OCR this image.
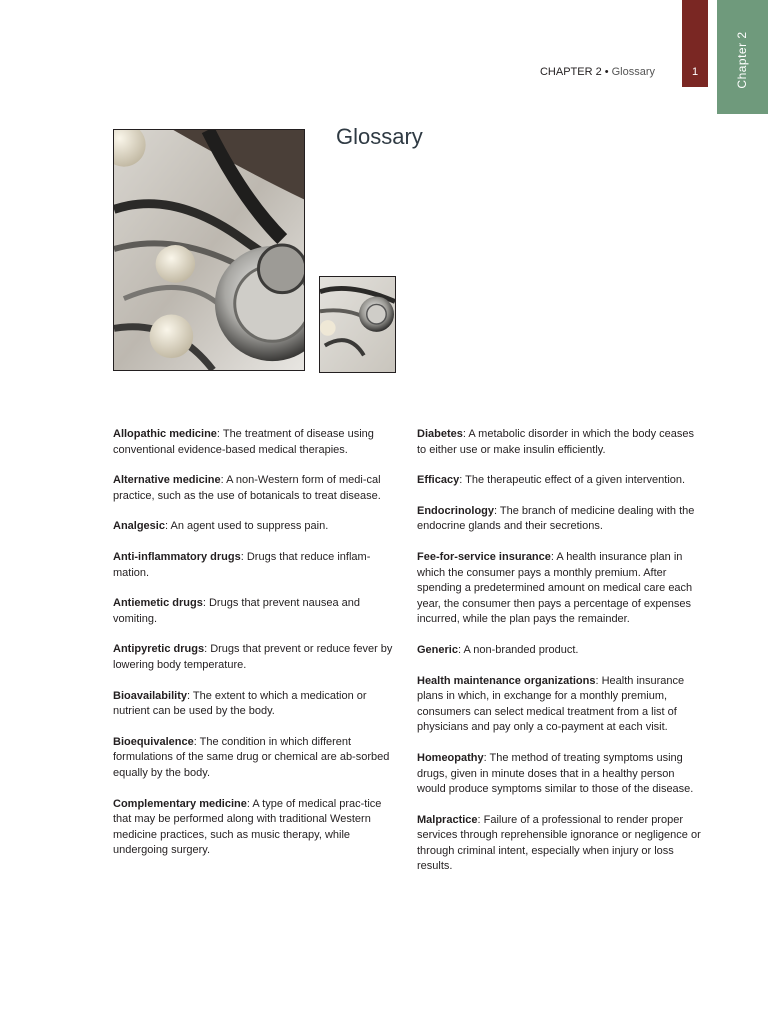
Chapter 2
CHAPTER 2 • Glossary	1
Glossary

Allopathic medicine: The treatment of disease using conventional evidence-based medical therapies.

Alternative medicine: A non-Western form of medi-cal practice, such as the use of botanicals to treat disease.

Analgesic: An agent used to suppress pain.

Anti-inflammatory drugs: Drugs that reduce inflam-mation.

Antiemetic drugs: Drugs that prevent nausea and vomiting.

Antipyretic drugs: Drugs that prevent or reduce fever by lowering body temperature.

Bioavailability: The extent to which a medication or nutrient can be used by the body.

Bioequivalence: The condition in which different formulations of the same drug or chemical are ab-sorbed equally by the body.

Complementary medicine: A type of medical prac-tice that may be performed along with traditional Western medicine practices, such as music therapy, while undergoing surgery.

Diabetes: A metabolic disorder in which the body ceases to either use or make insulin efficiently.

Efficacy: The therapeutic effect of a given intervention.

Endocrinology: The branch of medicine dealing with the endocrine glands and their secretions.

Fee-for-service insurance: A health insurance plan in which the consumer pays a monthly premium. After spending a predetermined amount on medical care each year, the consumer then pays a percentage of expenses incurred, while the plan pays the remainder.

Generic: A non-branded product.

Health maintenance organizations: Health insurance plans in which, in exchange for a monthly premium, consumers can select medical treatment from a list of physicians and pay only a co-payment at each visit.

Homeopathy: The method of treating symptoms using drugs, given in minute doses that in a healthy person would produce symptoms similar to those of the disease.

Malpractice: Failure of a professional to render proper services through reprehensible ignorance or negligence or through criminal intent, especially when injury or loss results.
